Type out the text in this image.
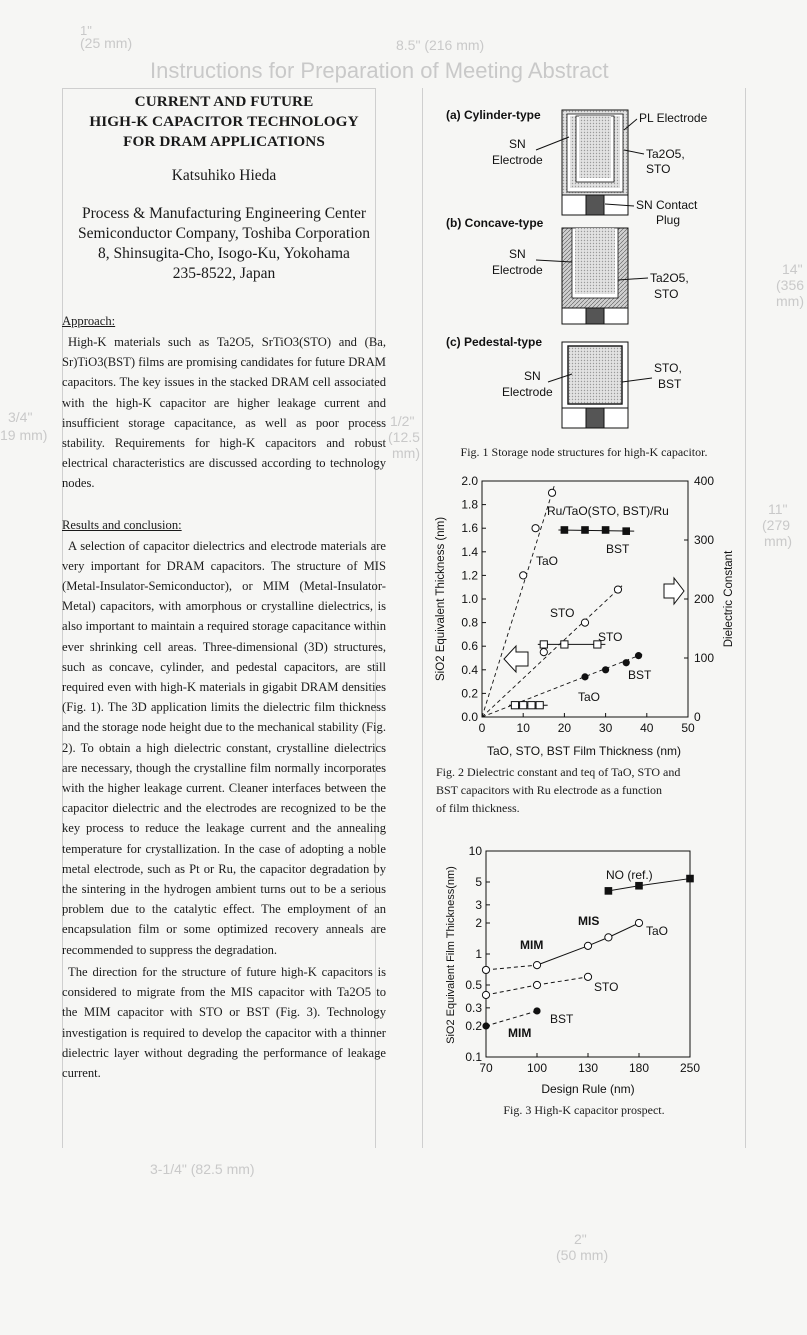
1"
(25 mm)	8.5" (216 mm)
Instructions for Preparation of Meeting Abstract
3/4"
19 mm)
1/2"
(12.5
mm)
14"
(356
mm)
11"
(279
mm)
3-1/4" (82.5 mm)
2"
(50 mm)
CURRENT AND FUTURE
HIGH-K CAPACITOR TECHNOLOGY
FOR DRAM APPLICATIONS
Katsuhiko Hieda
Process & Manufacturing Engineering Center
Semiconductor Company, Toshiba Corporation
8, Shinsugita-Cho, Isogo-Ku, Yokohama
235-8522, Japan
Approach:

High-K materials such as Ta2O5, SrTiO3(STO) and (Ba, Sr)TiO3(BST) films are promising candidates for future DRAM capacitors. The key issues in the stacked DRAM cell associated with the high-K capacitor are higher leakage current and insufficient storage capacitance, as well as poor process stability. Requirements for high-K capacitors and robust electrical characteristics are discussed according to technology nodes.

Results and conclusion:

A selection of capacitor dielectrics and electrode materials are very important for DRAM capacitors. The structure of MIS (Metal-Insulator-Semiconductor), or MIM (Metal-Insulator-Metal) capacitors, with amorphous or crystalline dielectrics, is also important to maintain a required storage capacitance within ever shrinking cell areas. Three-dimensional (3D) structures, such as concave, cylinder, and pedestal capacitors, are still required even with high-K materials in gigabit DRAM densities (Fig. 1). The 3D application limits the dielectric film thickness and the storage node height due to the mechanical stability (Fig. 2). To obtain a high dielectric constant, crystalline dielectrics are necessary, though the crystalline film normally incorporates with the higher leakage current. Cleaner interfaces between the capacitor dielectric and the electrodes are recognized to be the key process to reduce the leakage current and the annealing temperature for crystallization. In the case of adopting a noble metal electrode, such as Pt or Ru, the capacitor degradation by the sintering in the hydrogen ambient turns out to be a serious problem due to the catalytic effect. The employment of an encapsulation film or some optimized recovery anneals are recommended to suppress the degradation.

The direction for the structure of future high-K capacitors is considered to migrate from the MIS capacitor with Ta2O5 to the MIM capacitor with STO or BST (Fig. 3). Technology investigation is required to develop the capacitor with a thinner dielectric layer without degrading the performance of leakage current.

(a) Cylinder-type
(b) Concave-type
(c) Pedestal-type
PL Electrode
SN
Electrode	Ta2O5,
STO
SN Contact
Plug
SN
Electrode
Ta2O5,
STO
SN
Electrode
STO,
BST
Fig. 1 Storage node structures for high-K capacitor.
0	10 20 30 40 50
0.0
0.2
0.4
0.6
0.8
1.0
1.2
1.4
1.6
1.8
2.0
0
100
200
300
400
TaO, STO, BST Film Thickness (nm)
SiO2 Equivalent Thickness (nm)	Dielectric Constant
Ru/TaO(STO, BST)/Ru
BST
TaO
STO
STO
BST
TaO
Fig. 2 Dielectric constant and teq of TaO, STO and
BST capacitors with Ru electrode as a function
of film thickness.
70	100	130	180	250
10
5
3
2
1
0.5
0.3
0.2
0.1
Design Rule (nm)
SiO2 Equivalent Film Thickness(nm)	NO (ref.)
MIS
TaO
MIM
STO
BST
MIM
Fig. 3 High-K capacitor prospect.
